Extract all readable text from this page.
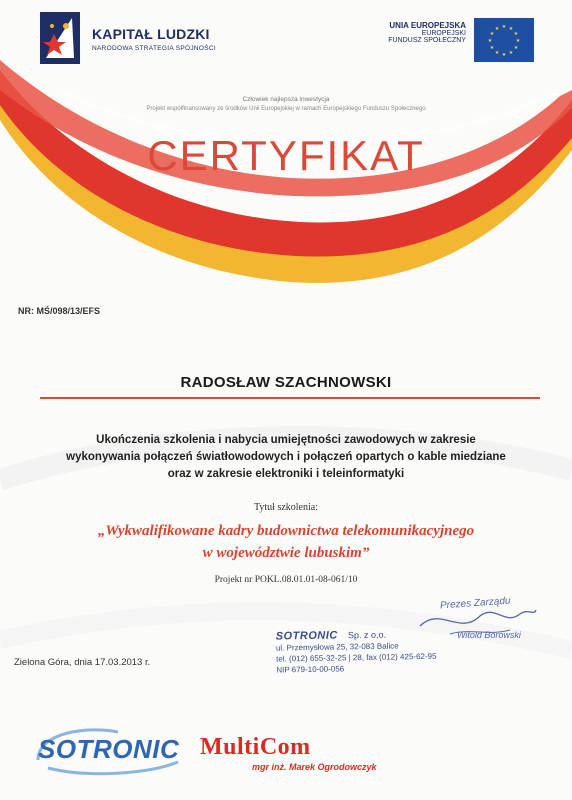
KAPITAŁ LUDZKI
NARODOWA STRATEGIA SPÓJNOŚCI
UNIA EUROPEJSKA
EUROPEJSKI
FUNDUSZ SPOŁECZNY
★ ★
★
★
★
★
★
★
★
★
★
★
Człowiek najlepsza inwestycja
Projekt współfinansowany ze środków Unii Europejskiej w ramach Europejskiego Funduszu Społecznego
CERTYFIKAT
NR: MŚ/098/13/EFS
RADOSŁAW SZACHNOWSKI
Ukończenia szkolenia i nabycia umiejętności zawodowych w zakresie
wykonywania połączeń światłowodowych i połączeń opartych o kable miedziane
oraz w zakresie elektroniki i teleinformatyki
Tytuł szkolenia:
„Wykwalifikowane kadry budownictwa telekomunikacyjnego
w województwie lubuskim”
Projekt nr POKL.08.01.01-08-061/10
Prezes Zarządu
Witold Borowski
Zielona Góra, dnia 17.03.2013 r.
SOTRONIC Sp. z o.o.
ul. Przemysłowa 25, 32-083 Balice
tel. (012) 655-32-25 | 28, fax (012) 425-62-95
NIP 679-10-00-056
SOTRONIC MultiCom
mgr inż. Marek Ogrodowczyk
